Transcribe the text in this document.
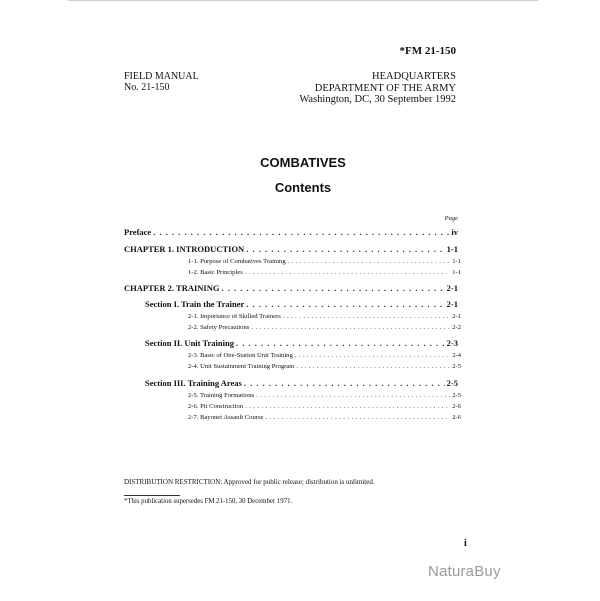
*FM 21-150
FIELD MANUAL
No. 21-150
HEADQUARTERS
DEPARTMENT OF THE ARMY
Washington, DC, 30 September 1992
COMBATIVES
Contents
Page
Preface . . .	iv
CHAPTER 1. INTRODUCTION . . .	1-1
1-1. Purpose of Combatives Training . . .	1-1
1-2. Basic Principles . . .	1-1
CHAPTER 2. TRAINING . . .	2-1
Section I. Train the Trainer . . .	2-1
2-1. Importance of Skilled Trainers . . .	2-1
2-2. Safety Precautions . . .	2-2
Section II. Unit Training . . .	2-3
2-3. Basic of One-Station Unit Training . . .	2-4
2-4. Unit Sustainment Training Program . . .	2-5
Section III. Training Areas . . .	2-5
2-5. Training Formations . . .	2-5
2-6. Pit Construction . . .	2-6
2-7. Bayonet Assault Course . . .	2-6
DISTRIBUTION RESTRICTION: Approved for public release; distribution is unlimited.
*This publication supersedes FM 21-150, 30 December 1971.
i
NaturaBuy
